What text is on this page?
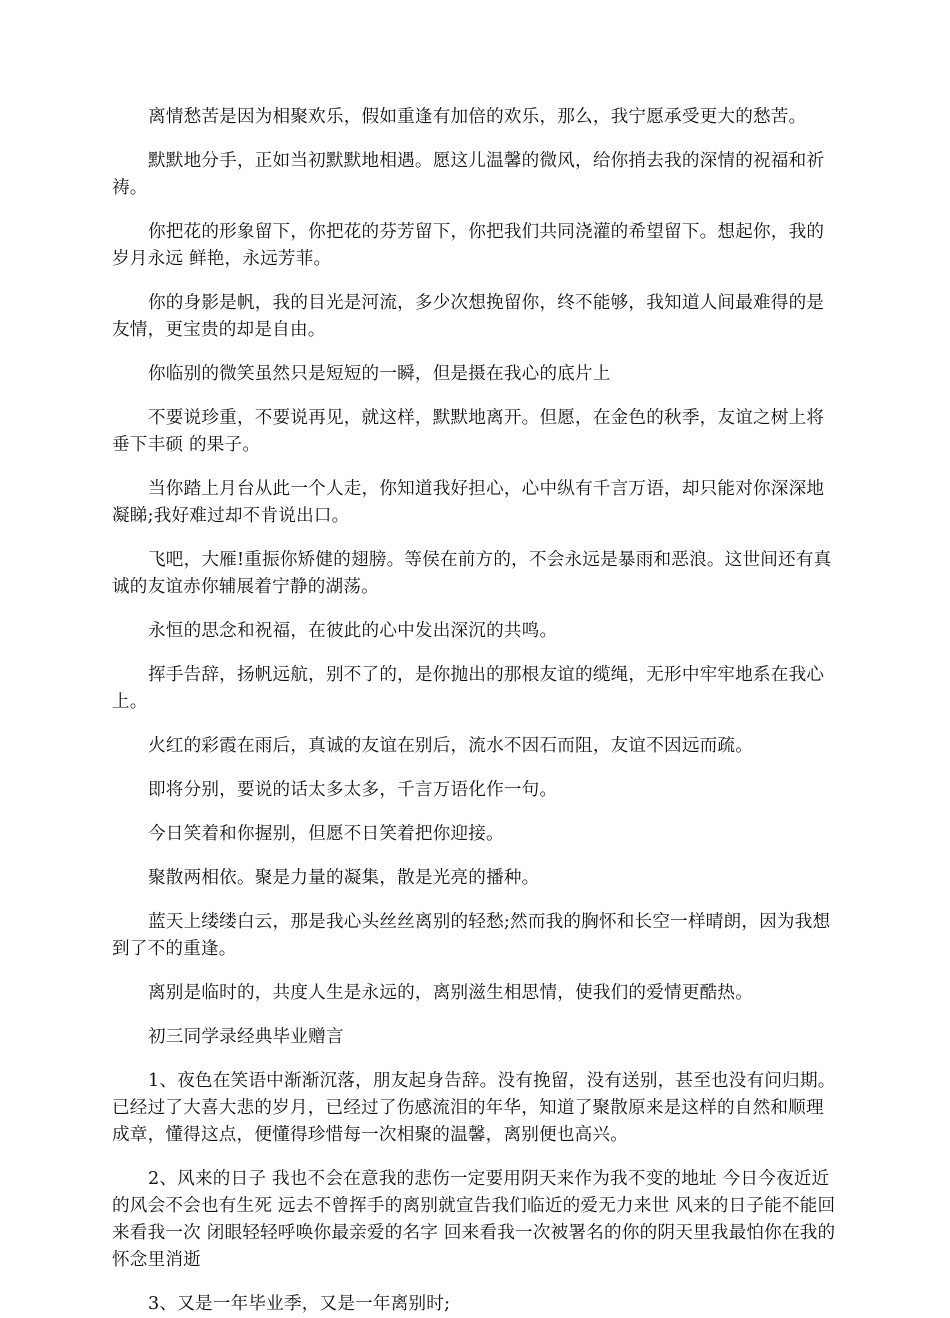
离情愁苦是因为相聚欢乐，假如重逢有加倍的欢乐，那么，我宁愿承受更大的愁苦。

默默地分手，正如当初默默地相遇。愿这儿温馨的微风，给你捎去我的深情的祝福和祈祷。

你把花的形象留下，你把花的芬芳留下，你把我们共同浇灌的希望留下。想起你，我的岁月永远 鲜艳，永远芳菲。

你的身影是帆，我的目光是河流，多少次想挽留你，终不能够，我知道人间最难得的是友情，更宝贵的却是自由。

你临别的微笑虽然只是短短的一瞬，但是摄在我心的底片上

不要说珍重，不要说再见，就这样，默默地离开。但愿，在金色的秋季，友谊之树上将垂下丰硕 的果子。

当你踏上月台从此一个人走，你知道我好担心，心中纵有千言万语，却只能对你深深地凝睇;我好难过却不肯说出口。

飞吧，大雁!重振你矫健的翅膀。等侯在前方的，不会永远是暴雨和恶浪。这世间还有真诚的友谊赤你辅展着宁静的湖荡。

永恒的思念和祝福，在彼此的心中发出深沉的共鸣。

挥手告辞，扬帆远航，别不了的，是你抛出的那根友谊的缆绳，无形中牢牢地系在我心上。

火红的彩霞在雨后，真诚的友谊在别后，流水不因石而阻，友谊不因远而疏。

即将分别，要说的话太多太多，千言万语化作一句。

今日笑着和你握别，但愿不日笑着把你迎接。

聚散两相依。聚是力量的凝集，散是光亮的播种。

蓝天上缕缕白云，那是我心头丝丝离别的轻愁;然而我的胸怀和长空一样晴朗，因为我想到了不的重逢。

离别是临时的，共度人生是永远的，离别滋生相思情，使我们的爱情更酷热。

初三同学录经典毕业赠言

1、夜色在笑语中渐渐沉落，朋友起身告辞。没有挽留，没有送别，甚至也没有问归期。 已经过了大喜大悲的岁月，已经过了伤感流泪的年华，知道了聚散原来是这样的自然和顺理成章，懂得这点，便懂得珍惜每一次相聚的温馨，离别便也高兴。

2、风来的日子 我也不会在意我的悲伤一定要用阴天来作为我不变的地址 今日今夜近近的风会不会也有生死 远去不曾挥手的离别就宣告我们临近的爱无力来世 风来的日子能不能回来看我一次 闭眼轻轻呼唤你最亲爱的名字 回来看我一次被署名的你的阴天里我最怕你在我的怀念里消逝

3、又是一年毕业季，又是一年离别时;
